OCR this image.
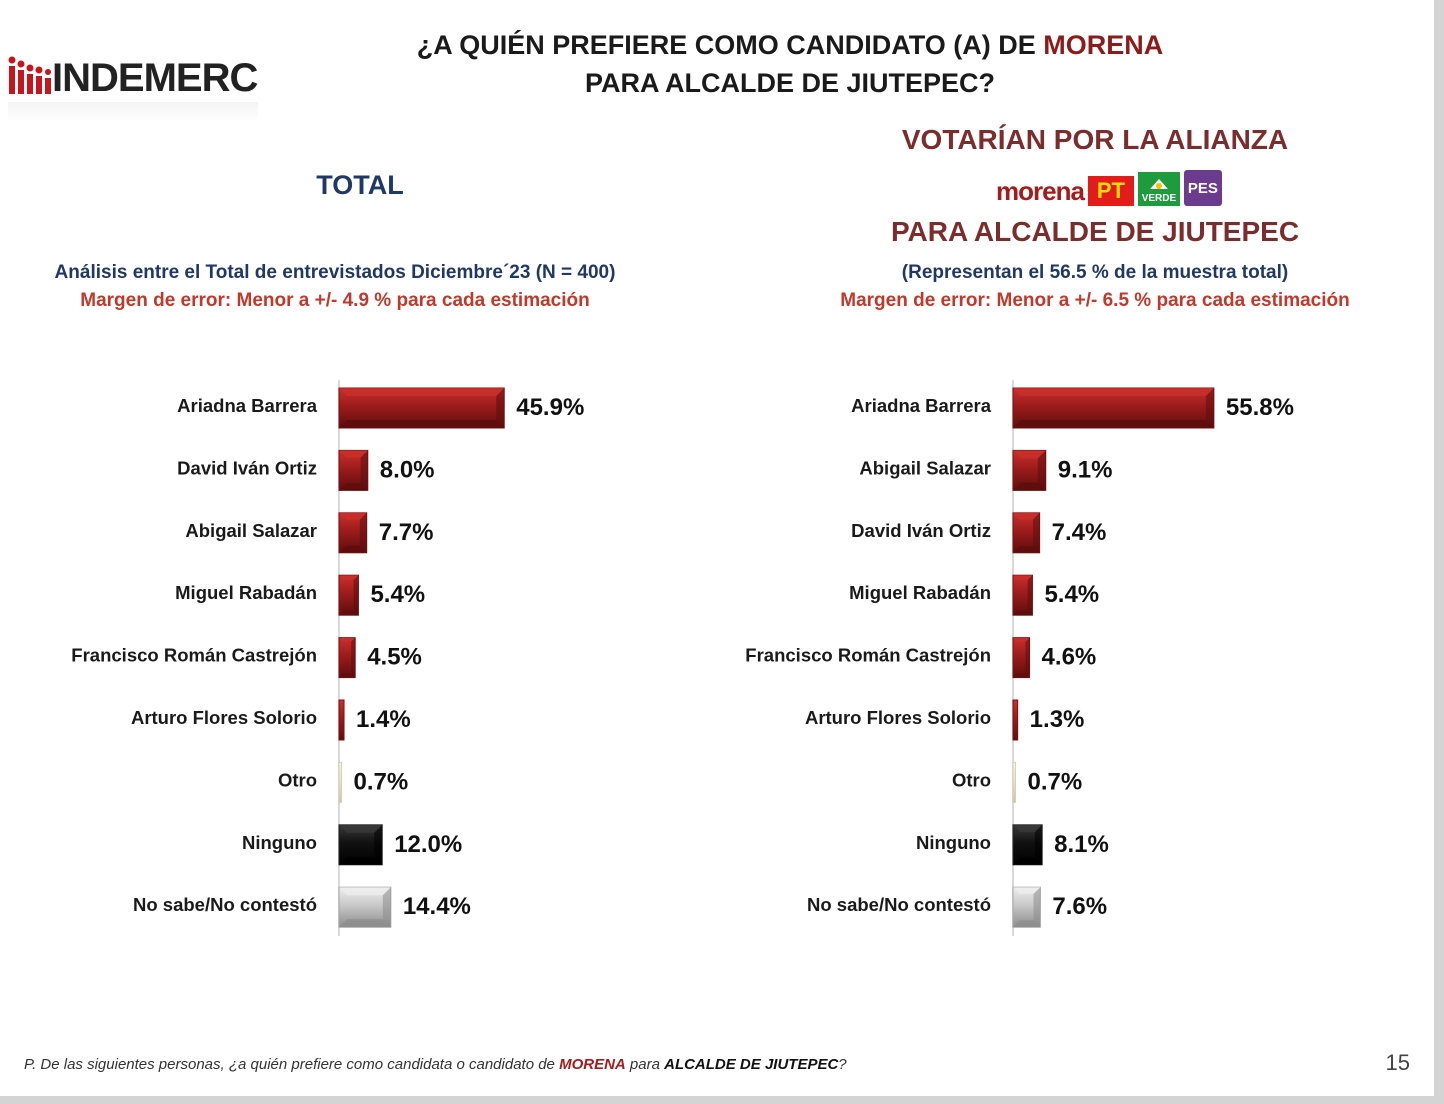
INDEMERC
¿A QUIÉN PREFIERE COMO CANDIDATO (A) DE MORENA
PARA ALCALDE DE JIUTEPEC?
TOTAL
Análisis entre el Total de entrevistados Diciembre´23 (N = 400)
Margen de error: Menor a +/- 4.9 % para cada estimación
VOTARÍAN POR LA ALIANZA
morena PT	VERDE
PES
PARA ALCALDE DE JIUTEPEC
(Representan el 56.5 % de la muestra total)
Margen de error: Menor a +/- 6.5 % para cada estimación
Ariadna Barrera	45.9%
David Iván Ortiz	8.0%
Abigail Salazar	7.7%
Miguel Rabadán 5.4%
Francisco Román Castrejón 4.5%
Arturo Flores Solorio 1.4%
Otro 0.7%
Ninguno	12.0%
No sabe/No contestó	14.4%
Ariadna Barrera	55.8%
Abigail Salazar	9.1%
David Iván Ortiz	7.4%
Miguel Rabadán 5.4%
Francisco Román Castrejón 4.6%
Arturo Flores Solorio 1.3%
Otro 0.7%
Ninguno	8.1%
No sabe/No contestó	7.6%
P. De las siguientes personas, ¿a quién prefiere como candidata o candidato de MORENA para ALCALDE DE JIUTEPEC?	15
